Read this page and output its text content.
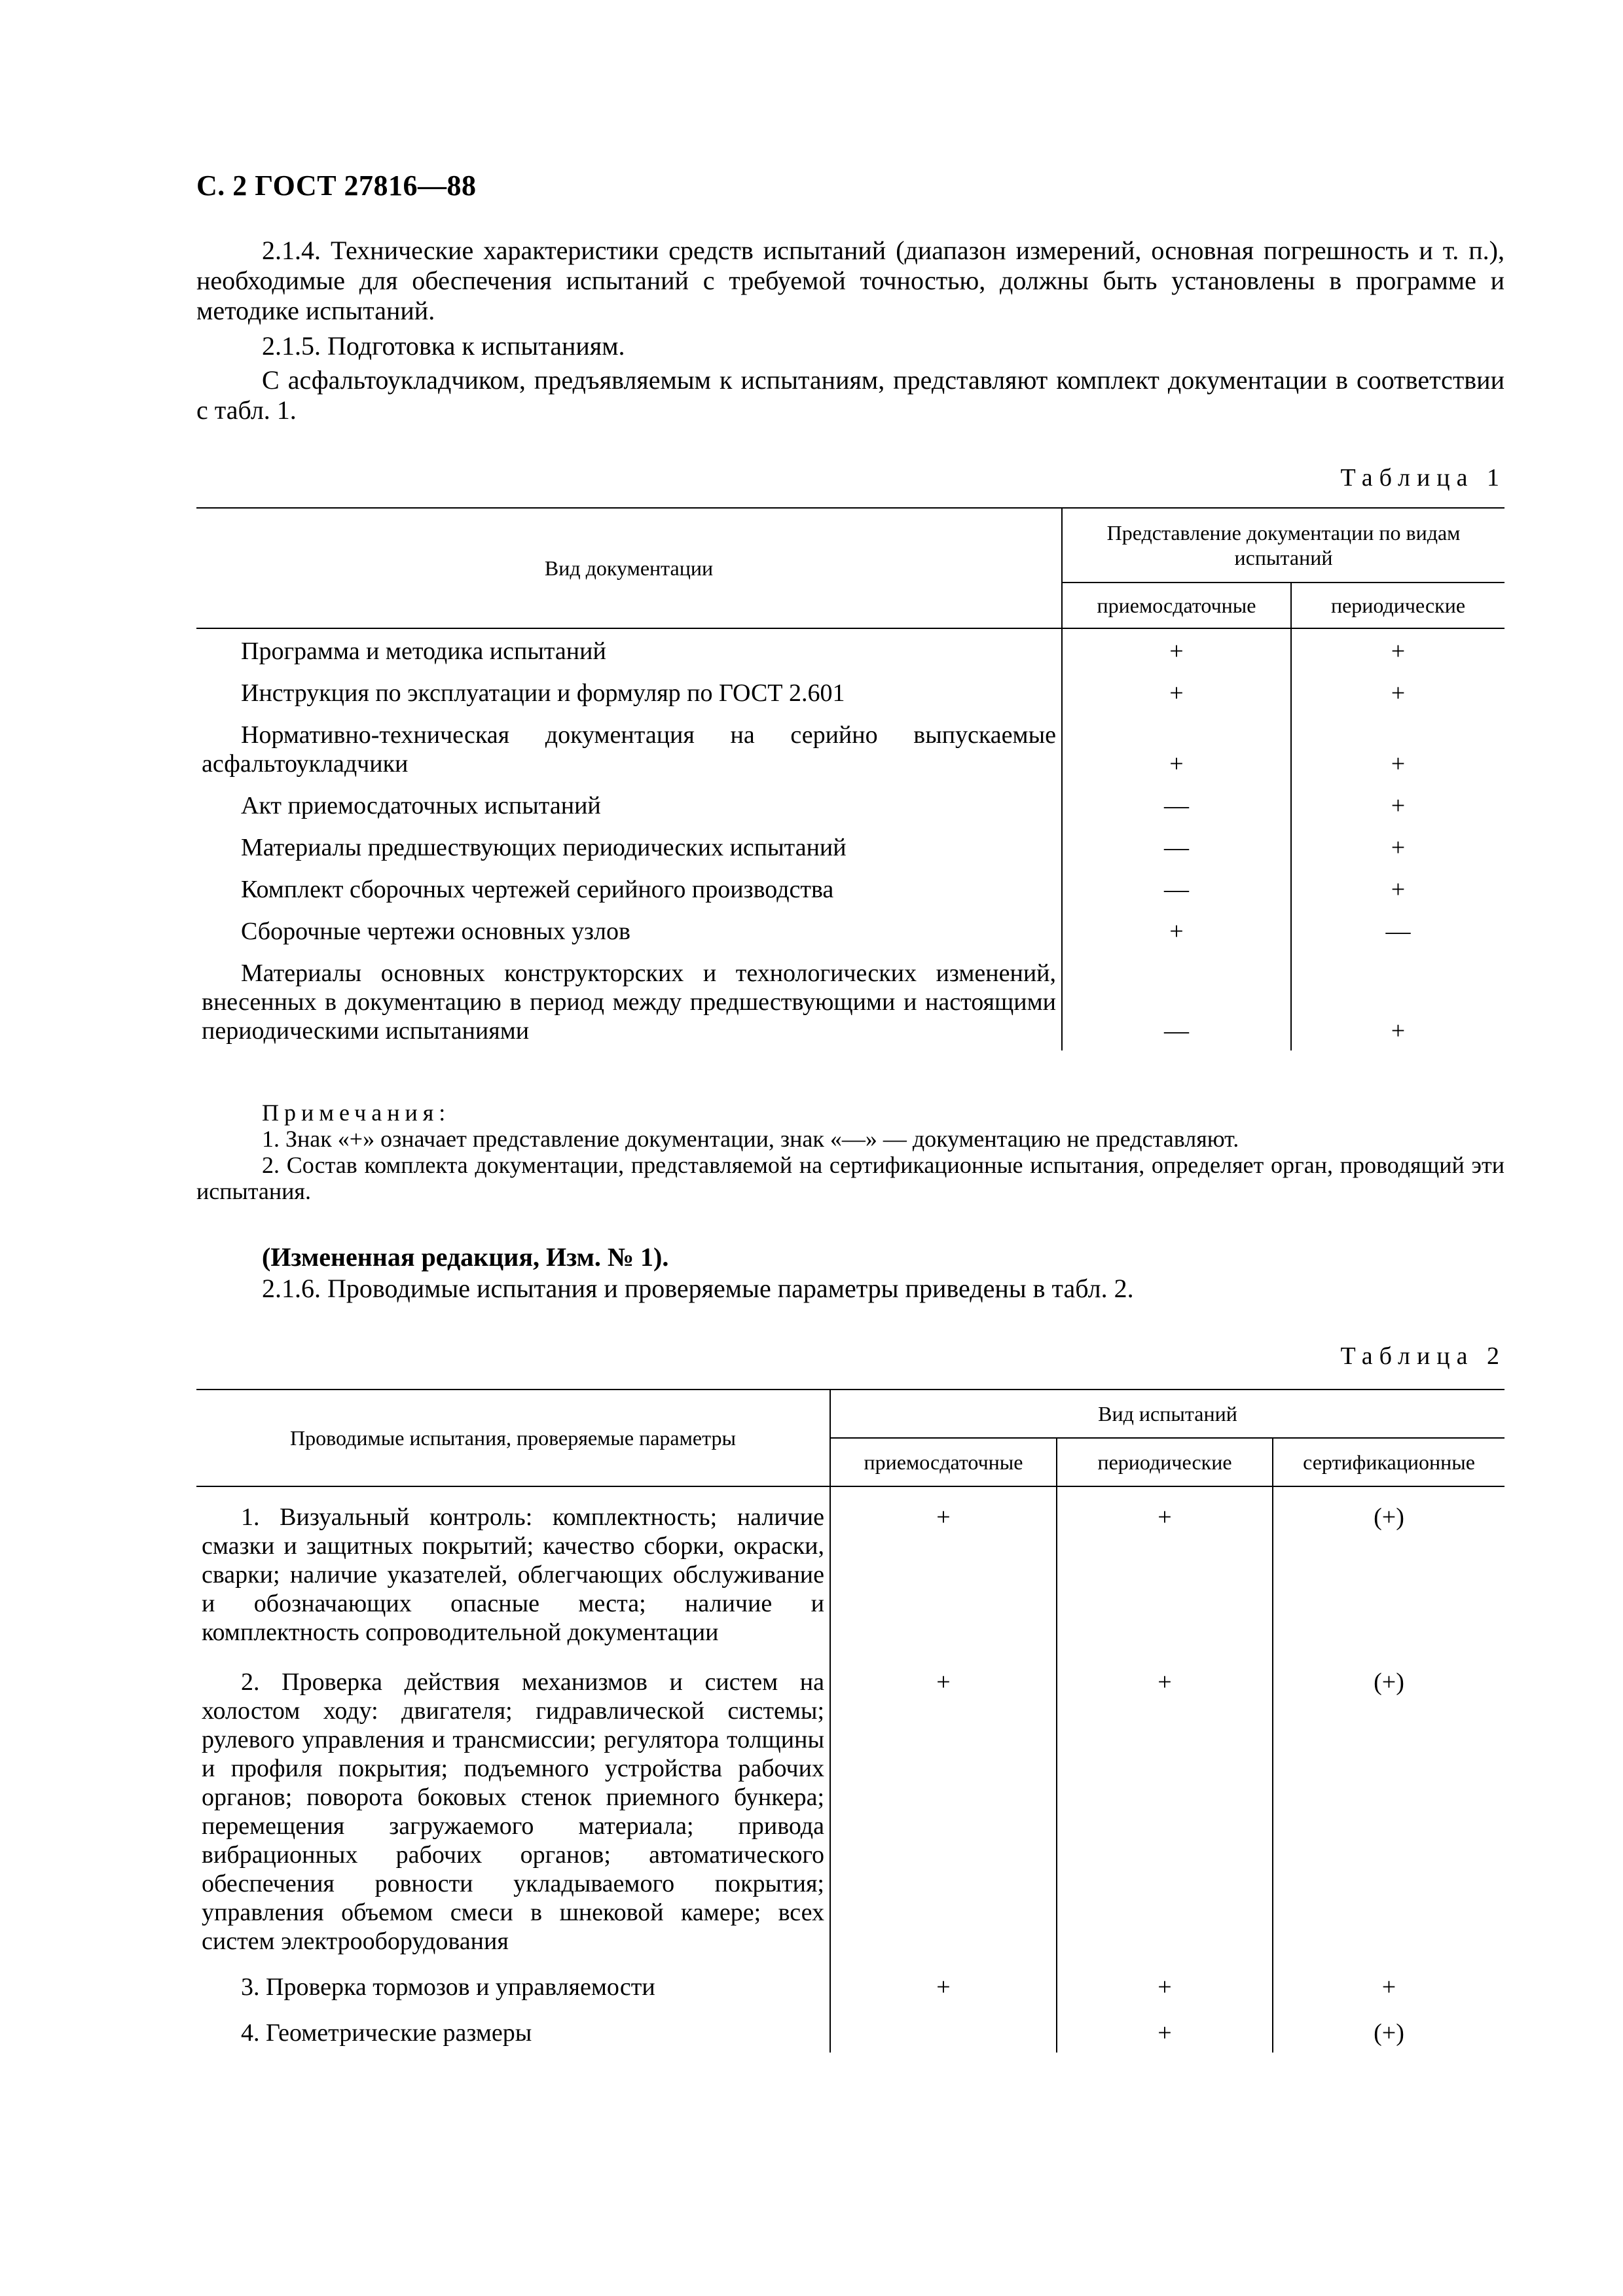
С. 2 ГОСТ 27816—88
2.1.4. Технические характеристики средств испытаний (диапазон измерений, основная погрешность и т. п.), необходимые для обеспечения испытаний с требуемой точностью, должны быть установлены в программе и методике испытаний.
2.1.5. Подготовка к испытаниям.
С асфальтоукладчиком, предъявляемым к испытаниям, представляют комплект документации в соответствии с табл. 1.
Таблица 1
Вид документации	Представление документации по видам испытаний	
	приемосдаточные	периодические
Программа и методика испытаний	+	+
Инструкция по эксплуатации и формуляр по ГОСТ 2.601	+	+
Нормативно-техническая документация на серийно выпускаемые асфальтоукладчики	+	+
Акт приемосдаточных испытаний	—	+
Материалы предшествующих периодических испытаний	—	+
Комплект сборочных чертежей серийного производства	—	+
Сборочные чертежи основных узлов	+	—
Материалы основных конструкторских и технологических изменений, внесенных в документацию в период между предшествующими и настоящими периодическими испытаниями	—	+
Примечания:
1. Знак «+» означает представление документации, знак «—» — документацию не представляют.
2. Состав комплекта документации, представляемой на сертификационные испытания, определяет орган, проводящий эти испытания.
(Измененная редакция, Изм. № 1).
2.1.6. Проводимые испытания и проверяемые параметры приведены в табл. 2.
Таблица 2
Проводимые испытания, проверяемые параметры	Вид испытаний		
	приемосдаточные	периодические	сертификационные
1. Визуальный контроль: комплектность; наличие смазки и защитных покрытий; качество сборки, окраски, сварки; наличие указателей, облегчающих обслуживание и обозначающих опасные места; наличие и комплектность сопроводительной документации	+	+	(+)
2. Проверка действия механизмов и систем на холостом ходу: двигателя; гидравлической системы; рулевого управления и трансмиссии; регулятора толщины и профиля покрытия; подъемного устройства рабочих органов; поворота боковых стенок приемного бункера; перемещения загружаемого материала; привода вибрационных рабочих органов; автоматического обеспечения ровности укладываемого покрытия; управления объемом смеси в шнековой камере; всех систем электрооборудования	+	+	(+)
3. Проверка тормозов и управляемости	+	+	+
4. Геометрические размеры		+	(+)
